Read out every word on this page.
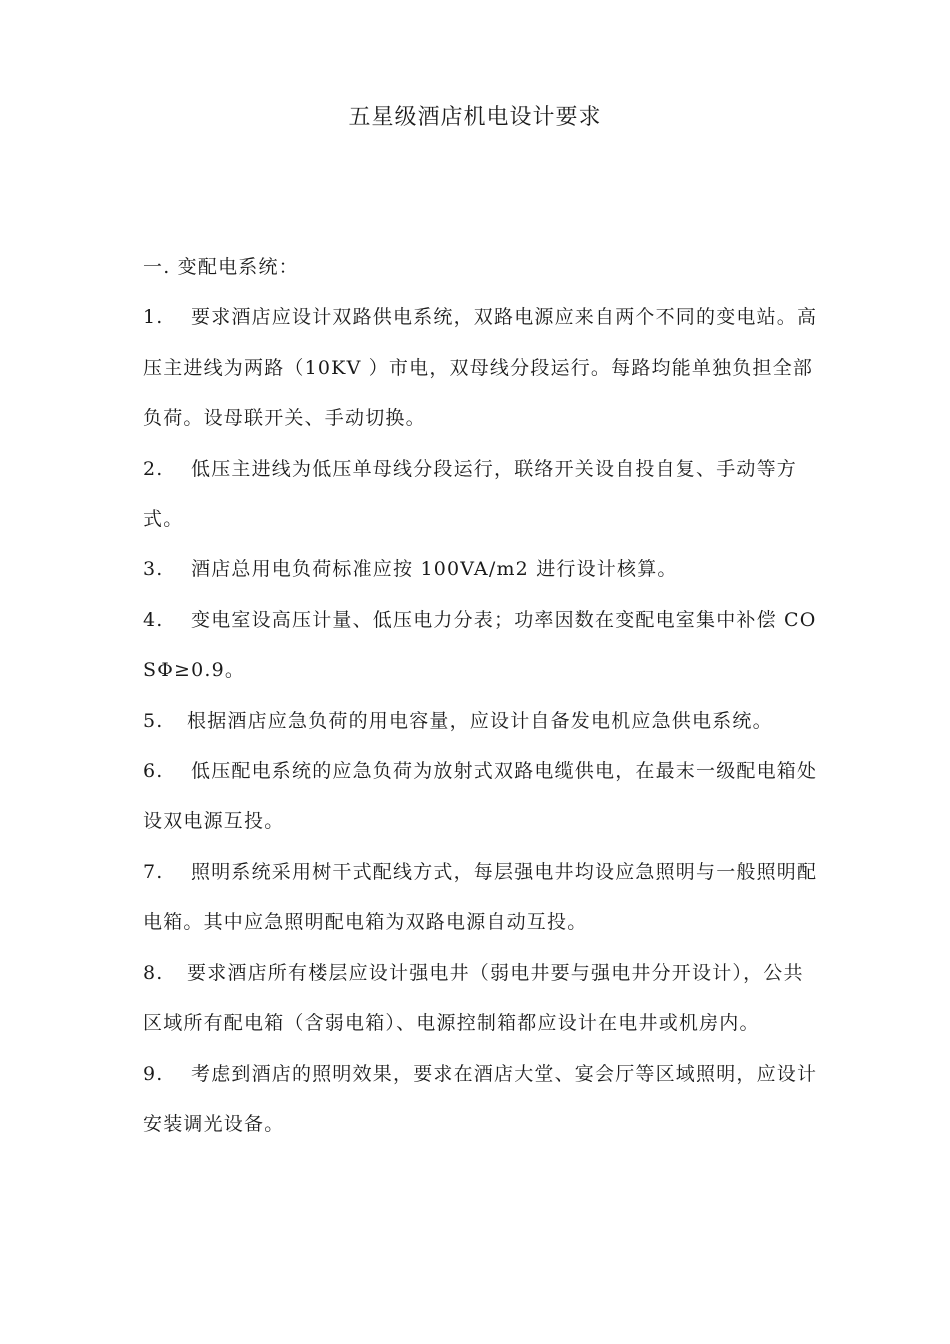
五星级酒店机电设计要求

一. 变配电系统：

1. 要求酒店应设计双路供电系统，双路电源应来自两个不同的变电站。高压主进线为两路（10KV ）市电，双母线分段运行。每路均能单独负担全部负荷。设母联开关、手动切换。

2. 低压主进线为低压单母线分段运行，联络开关设自投自复、手动等方式。

3. 酒店总用电负荷标准应按 100VA/m2 进行设计核算。

4. 变电室设高压计量、低压电力分表；功率因数在变配电室集中补偿 COSΦ≥0.9。

5. 根据酒店应急负荷的用电容量，应设计自备发电机应急供电系统。

6. 低压配电系统的应急负荷为放射式双路电缆供电，在最末一级配电箱处设双电源互投。

7. 照明系统采用树干式配线方式，每层强电井均设应急照明与一般照明配电箱。其中应急照明配电箱为双路电源自动互投。

8. 要求酒店所有楼层应设计强电井（弱电井要与强电井分开设计），公共区域所有配电箱（含弱电箱）、电源控制箱都应设计在电井或机房内。

9. 考虑到酒店的照明效果，要求在酒店大堂、宴会厅等区域照明，应设计安装调光设备。
